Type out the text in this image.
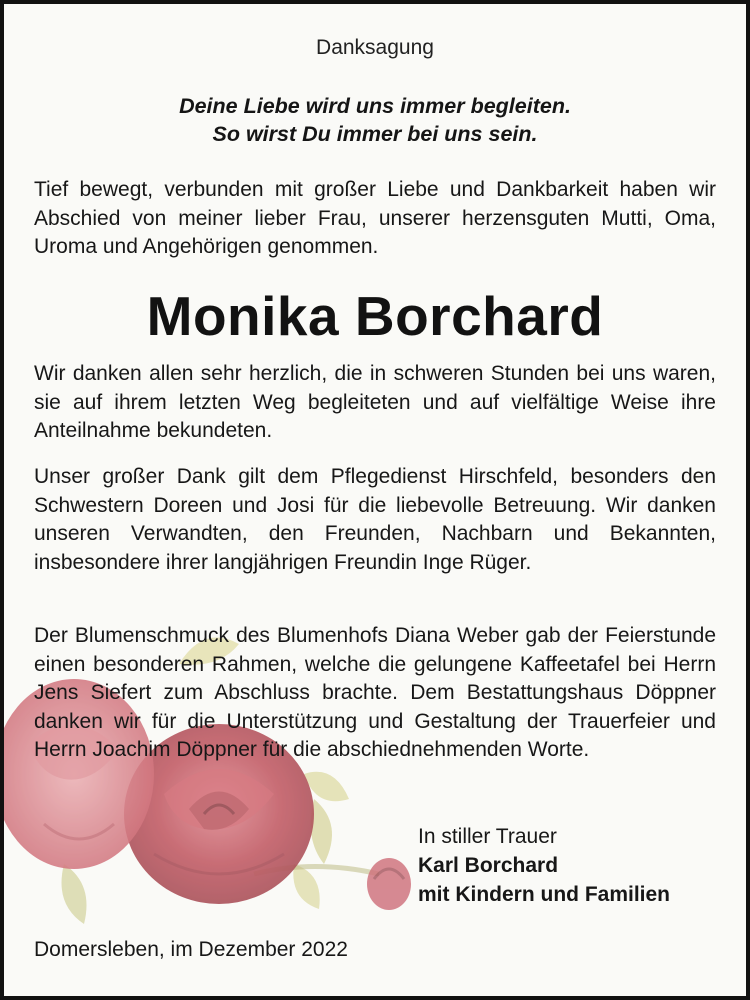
Danksagung
Deine Liebe wird uns immer begleiten.
So wirst Du immer bei uns sein.
Tief bewegt, verbunden mit großer Liebe und Dankbarkeit haben wir Abschied von meiner lieber Frau, unserer herzensguten Mutti, Oma, Uroma und Angehörigen genommen.
Monika Borchard
Wir danken allen sehr herzlich, die in schweren Stunden bei uns waren, sie auf ihrem letzten Weg begleiteten und auf vielfältige Weise ihre Anteilnahme bekundeten.
Unser großer Dank gilt dem Pflegedienst Hirschfeld, besonders den Schwestern Doreen und Josi für die liebevolle Betreuung. Wir danken unseren Verwandten, den Freunden, Nachbarn und Bekannten, insbesondere ihrer langjährigen Freundin Inge Rüger.
Der Blumenschmuck des Blumenhofs Diana Weber gab der Feierstunde einen besonderen Rahmen, welche die gelungene Kaffeetafel bei Herrn Jens Siefert zum Abschluss brachte. Dem Bestattungshaus Döppner danken wir für die Unterstützung und Gestaltung der Trauerfeier und Herrn Joachim Döppner für die abschiednehmenden Worte.
In stiller Trauer
Karl Borchard
mit Kindern und Familien
Domersleben, im Dezember 2022
